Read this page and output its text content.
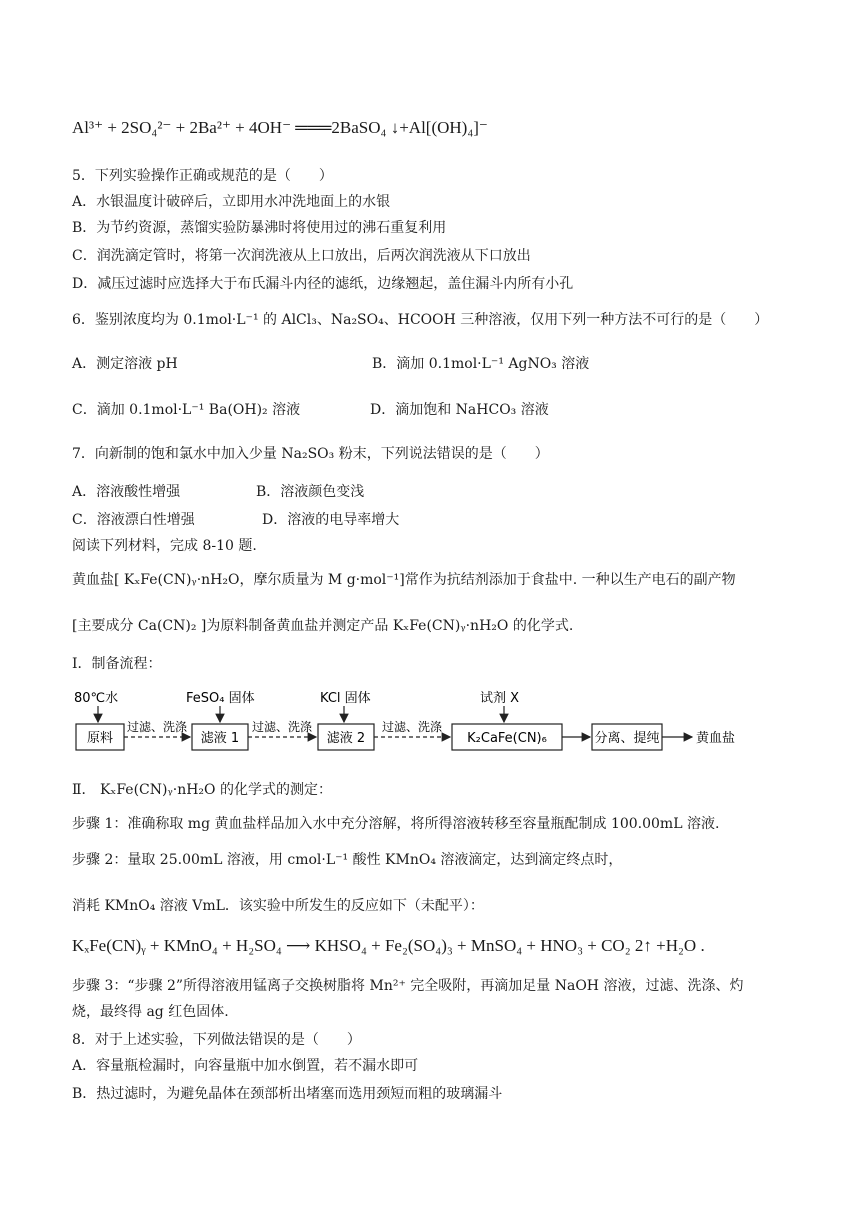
Al³⁺ + 2SO₄²⁻ + 2Ba²⁺ + 4OH⁻ ═══2BaSO₄ ↓+Al[(OH)₄]⁻
5．下列实验操作正确或规范的是（　　）
A．水银温度计破碎后，立即用水冲洗地面上的水银
B．为节约资源，蒸馏实验防暴沸时将使用过的沸石重复利用
C．润洗滴定管时，将第一次润洗液从上口放出，后两次润洗液从下口放出
D．减压过滤时应选择大于布氏漏斗内径的滤纸，边缘翘起，盖住漏斗内所有小孔
6．鉴别浓度均为 0.1mol·L⁻¹ 的 AlCl₃、Na₂SO₄、HCOOH 三种溶液，仅用下列一种方法不可行的是（　　）
A．测定溶液 pH	B．滴加 0.1mol·L⁻¹ AgNO₃ 溶液
C．滴加 0.1mol·L⁻¹ Ba(OH)₂ 溶液	D．滴加饱和 NaHCO₃ 溶液
7．向新制的饱和氯水中加入少量 Na₂SO₃ 粉末，下列说法错误的是（　　）
A．溶液酸性增强	B．溶液颜色变浅
C．溶液漂白性增强	D．溶液的电导率增大
阅读下列材料，完成 8-10 题.
黄血盐[ KₓFe(CN)ᵧ·nH₂O，摩尔质量为 M g·mol⁻¹]常作为抗结剂添加于食盐中. 一种以生产电石的副产物
[主要成分 Ca(CN)₂ ]为原料制备黄血盐并测定产品 KₓFe(CN)ᵧ·nH₂O 的化学式.
I．制备流程：
80℃水	FeSO₄ 固体	KCl 固体	试剂 X
原料	滤液 1	滤液 2	K₂CaFe(CN)₆	分离、提纯
过滤、洗涤	过滤、洗涤	过滤、洗涤
黄血盐
Ⅱ． KₓFe(CN)ᵧ·nH₂O 的化学式的测定：
步骤 1：准确称取 mg 黄血盐样品加入水中充分溶解，将所得溶液转移至容量瓶配制成 100.00mL 溶液.
步骤 2：量取 25.00mL 溶液，用 cmol·L⁻¹ 酸性 KMnO₄ 溶液滴定，达到滴定终点时，
消耗 KMnO₄ 溶液 VmL．该实验中所发生的反应如下（未配平）：
KₓFe(CN)ᵧ + KMnO₄ + H₂SO₄ ⟶ KHSO₄ + Fe₂(SO₄)₃ + MnSO₄ + HNO₃ + CO₂ 2↑ +H₂O .
步骤 3：“步骤 2”所得溶液用锰离子交换树脂将 Mn²⁺ 完全吸附，再滴加足量 NaOH 溶液，过滤、洗涤、灼
烧，最终得 ag 红色固体.
8．对于上述实验，下列做法错误的是（　　）
A．容量瓶检漏时，向容量瓶中加水倒置，若不漏水即可
B．热过滤时，为避免晶体在颈部析出堵塞而选用颈短而粗的玻璃漏斗
